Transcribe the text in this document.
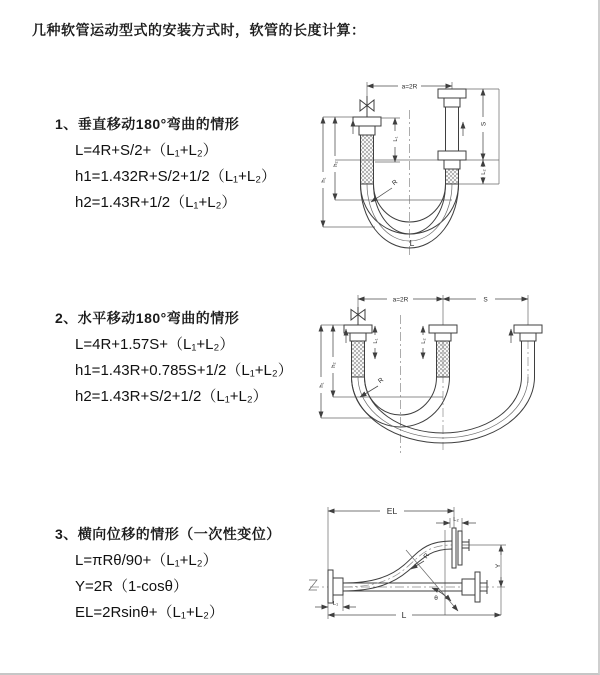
几种软管运动型式的安装方式时，软管的长度计算：
1、垂直移动180°弯曲的情形

L=4R+S/2+（L₁+L₂）

h1=1.432R+S/2+1/2（L₁+L₂）

h2=1.43R+1/2（L₁+L₂）

a=2R
S
L₂
L₁
h₂
h₁	R
L
2、水平移动180°弯曲的情形

L=4R+1.57S+（L₁+L₂）

h1=1.43R+0.785S+1/2（L₁+L₂）

h2=1.43R+S/2+1/2（L₁+L₂）

a=2R	S
L₁	L₂
h₂
h₁	R
3、横向位移的情形（一次性变位）

L=πRθ/90+（L₁+L₂）

Y=2R（1-cosθ）

EL=2Rsinθ+（L₁+L₂）

EL
L₂
Y
θ
R
L
L₁
